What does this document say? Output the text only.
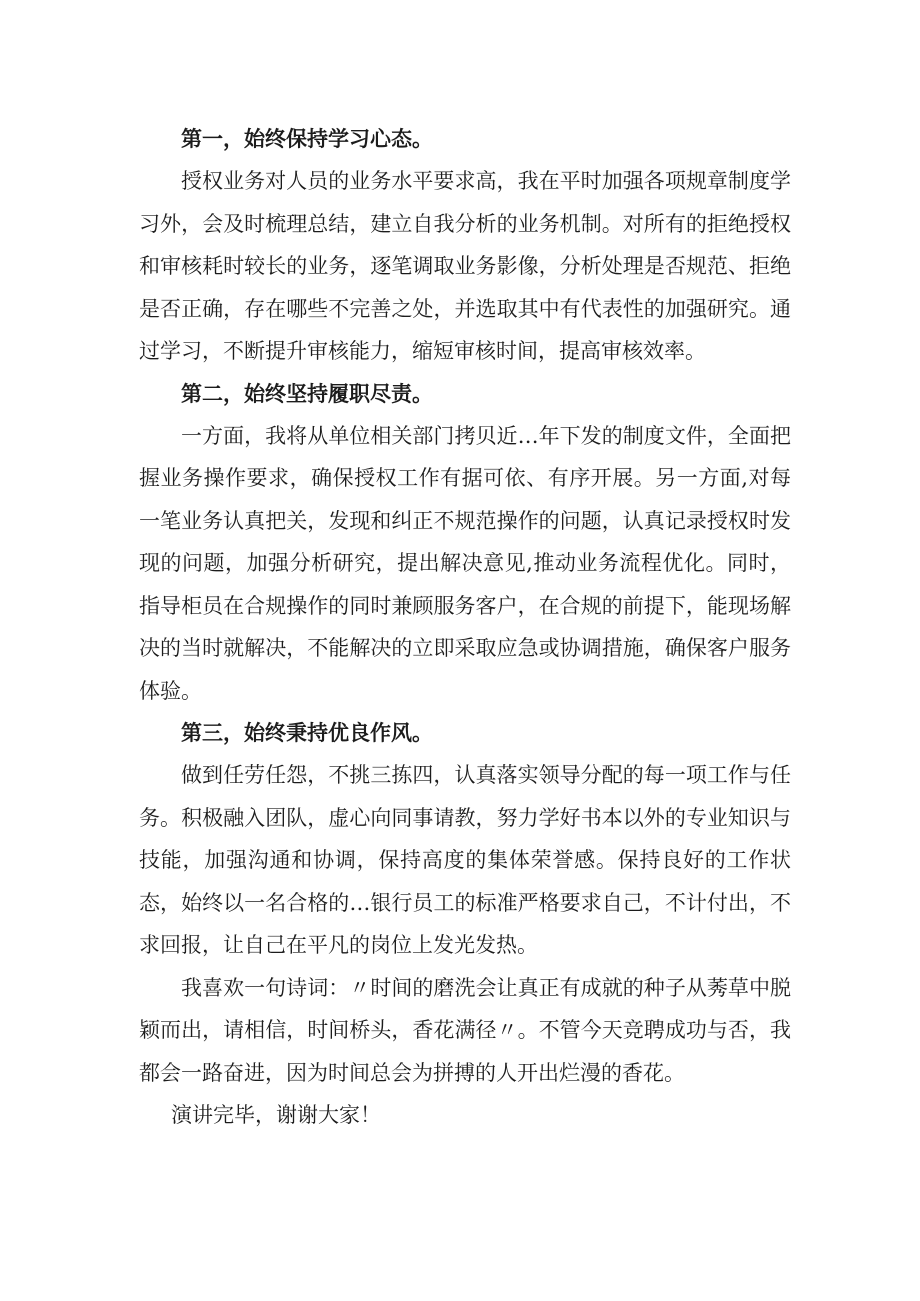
第一，始终保持学习心态。

授权业务对人员的业务水平要求高，我在平时加强各项规章制度学习外，会及时梳理总结，建立自我分析的业务机制。对所有的拒绝授权和审核耗时较长的业务，逐笔调取业务影像，分析处理是否规范、拒绝是否正确，存在哪些不完善之处，并选取其中有代表性的加强研究。通过学习，不断提升审核能力，缩短审核时间，提高审核效率。

第二，始终坚持履职尽责。

一方面，我将从单位相关部门拷贝近…年下发的制度文件，全面把握业务操作要求，确保授权工作有据可依、有序开展。另一方面,对每一笔业务认真把关，发现和纠正不规范操作的问题，认真记录授权时发现的问题，加强分析研究，提出解决意见,推动业务流程优化。同时，指导柜员在合规操作的同时兼顾服务客户，在合规的前提下，能现场解决的当时就解决，不能解决的立即采取应急或协调措施，确保客户服务体验。

第三，始终秉持优良作风。

做到任劳任怨，不挑三拣四，认真落实领导分配的每一项工作与任务。积极融入团队，虚心向同事请教，努力学好书本以外的专业知识与技能，加强沟通和协调，保持高度的集体荣誉感。保持良好的工作状态，始终以一名合格的…银行员工的标准严格要求自己，不计付出，不求回报，让自己在平凡的岗位上发光发热。

我喜欢一句诗词：〃时间的磨洗会让真正有成就的种子从莠草中脱颖而出，请相信，时间桥头，香花满径〃。不管今天竞聘成功与否，我都会一路奋进，因为时间总会为拼搏的人开出烂漫的香花。

演讲完毕，谢谢大家！
